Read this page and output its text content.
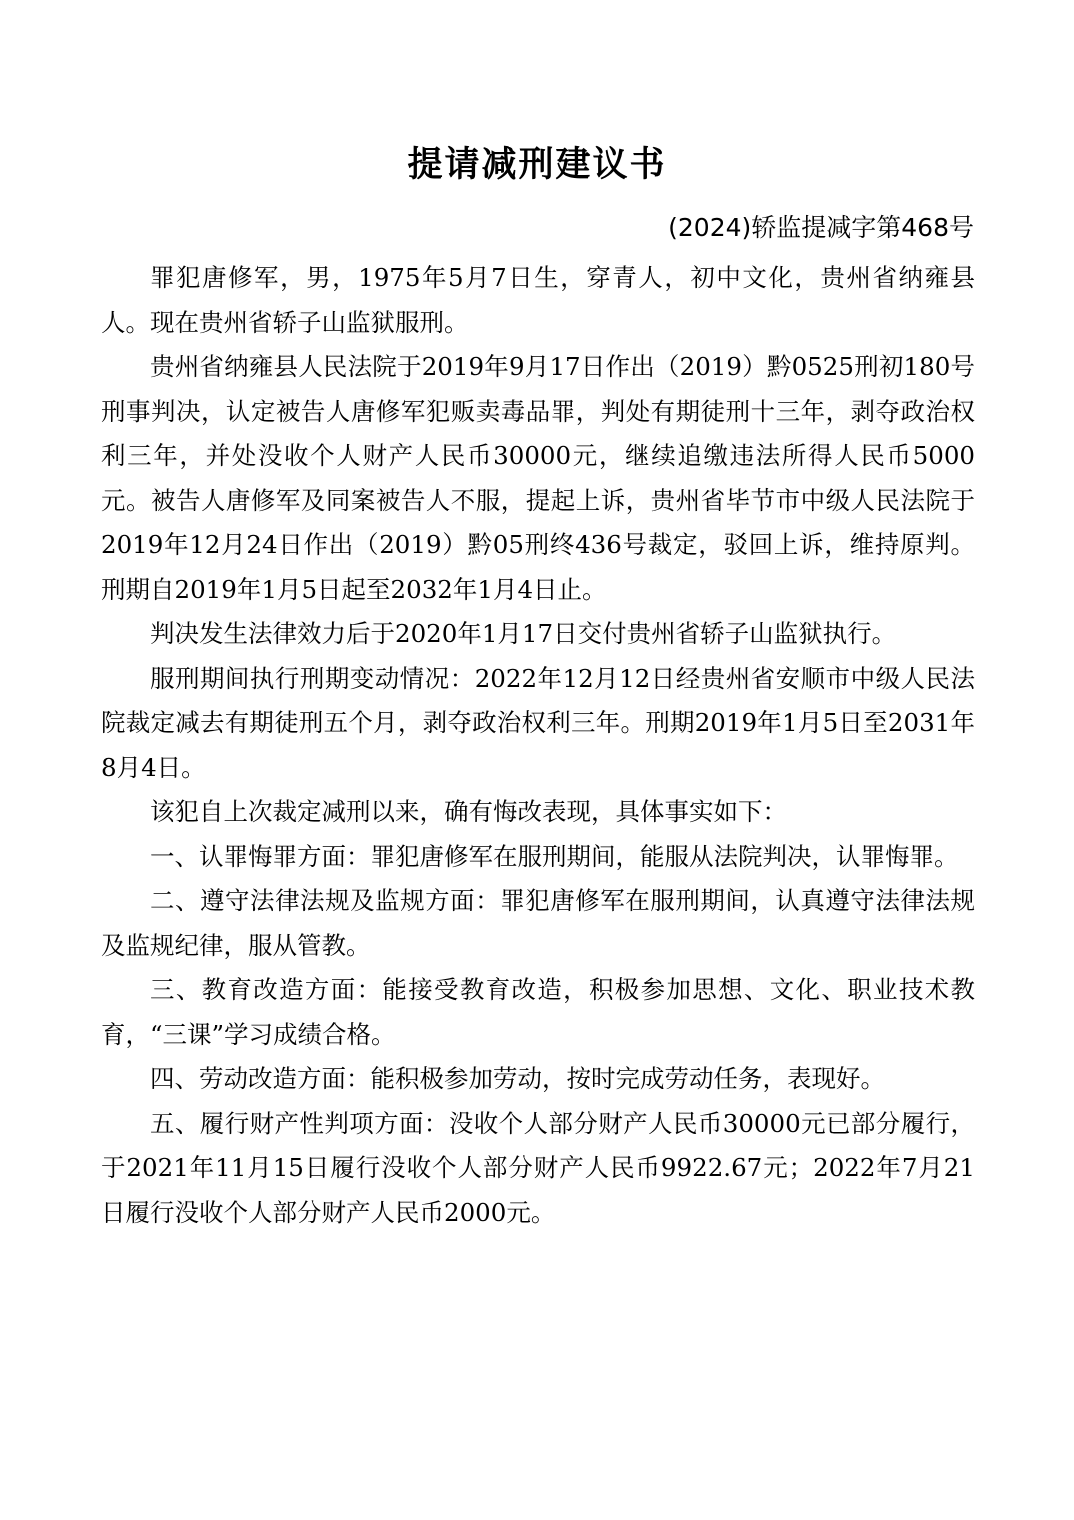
提请减刑建议书
(2024)轿监提减字第468号

罪犯唐修军，男，1975年5月7日生，穿青人，初中文化，贵州省纳雍县人。现在贵州省轿子山监狱服刑。

贵州省纳雍县人民法院于2019年9月17日作出（2019）黔0525刑初180号刑事判决，认定被告人唐修军犯贩卖毒品罪，判处有期徒刑十三年，剥夺政治权利三年，并处没收个人财产人民币30000元，继续追缴违法所得人民币5000元。被告人唐修军及同案被告人不服，提起上诉，贵州省毕节市中级人民法院于2019年12月24日作出（2019）黔05刑终436号裁定，驳回上诉，维持原判。刑期自2019年1月5日起至2032年1月4日止。

判决发生法律效力后于2020年1月17日交付贵州省轿子山监狱执行。

服刑期间执行刑期变动情况：2022年12月12日经贵州省安顺市中级人民法院裁定减去有期徒刑五个月，剥夺政治权利三年。刑期2019年1月5日至2031年8月4日。

该犯自上次裁定减刑以来，确有悔改表现，具体事实如下：

一、认罪悔罪方面：罪犯唐修军在服刑期间，能服从法院判决，认罪悔罪。

二、遵守法律法规及监规方面：罪犯唐修军在服刑期间，认真遵守法律法规及监规纪律，服从管教。

三、教育改造方面：能接受教育改造，积极参加思想、文化、职业技术教育，“三课”学习成绩合格。

四、劳动改造方面：能积极参加劳动，按时完成劳动任务，表现好。

五、履行财产性判项方面：没收个人部分财产人民币30000元已部分履行，于2021年11月15日履行没收个人部分财产人民币9922.67元；2022年7月21日履行没收个人部分财产人民币2000元。
